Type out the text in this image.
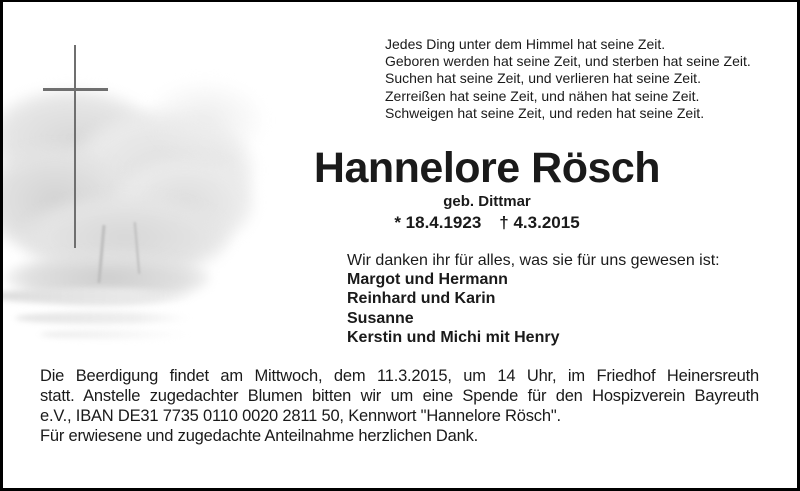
Jedes Ding unter dem Himmel hat seine Zeit.
Geboren werden hat seine Zeit, und sterben hat seine Zeit.
Suchen hat seine Zeit, und verlieren hat seine Zeit.
Zerreißen hat seine Zeit, und nähen hat seine Zeit.
Schweigen hat seine Zeit, und reden hat seine Zeit.
Hannelore Rösch
geb. Dittmar
* 18.4.1923 † 4.3.2015
Wir danken ihr für alles, was sie für uns gewesen ist:
Margot und Hermann
Reinhard und Karin
Susanne
Kerstin und Michi mit Henry
Die Beerdigung findet am Mittwoch, dem 11.3.2015, um 14 Uhr, im Friedhof Heinersreuth
statt. Anstelle zugedachter Blumen bitten wir um eine Spende für den Hospizverein Bayreuth
e.V., IBAN DE31 7735 0110 0020 2811 50, Kennwort "Hannelore Rösch".
Für erwiesene und zugedachte Anteilnahme herzlichen Dank.
